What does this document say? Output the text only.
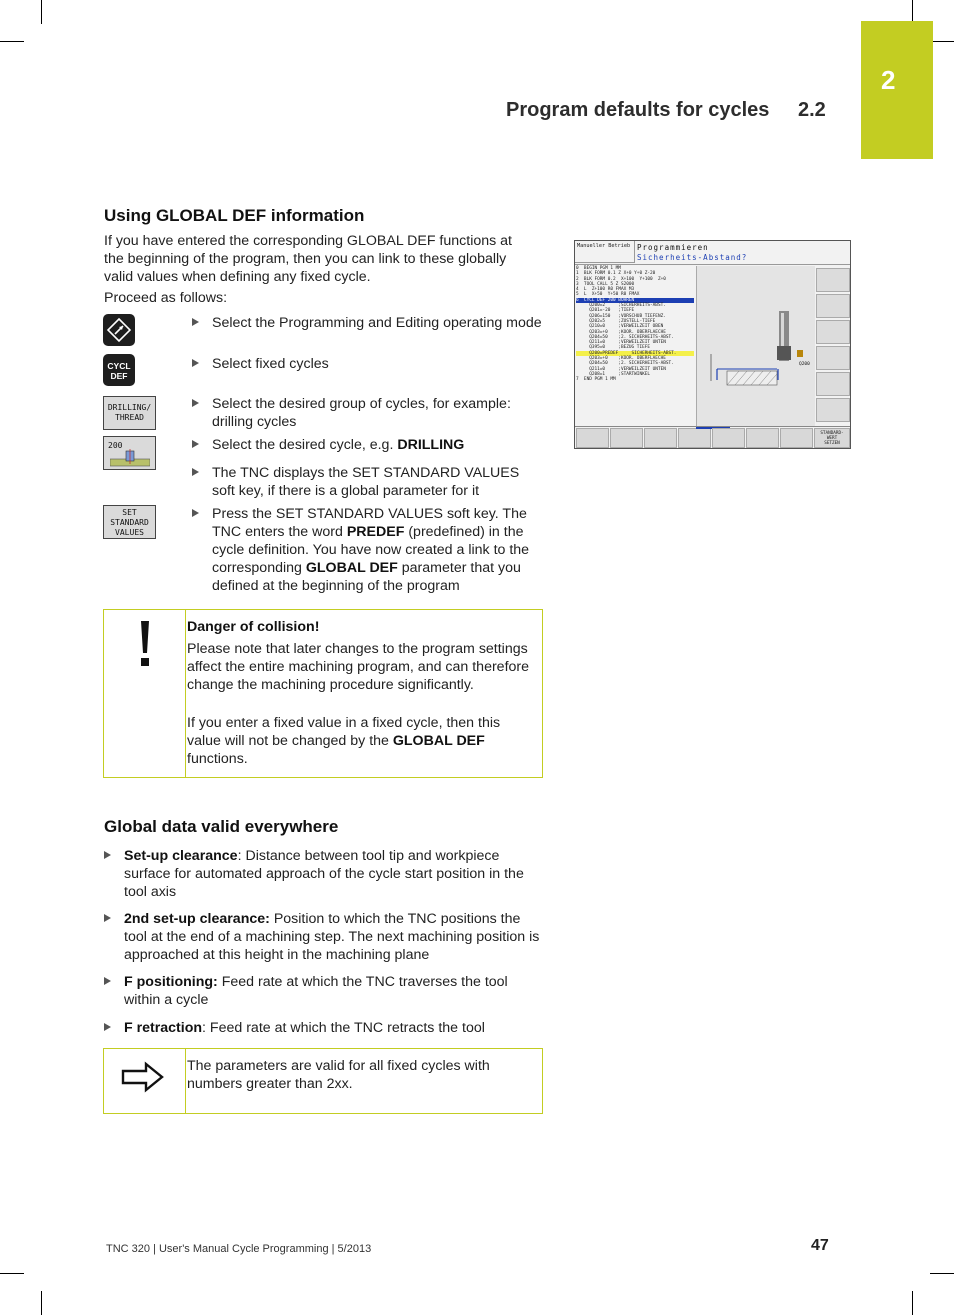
2
Program defaults for cycles 2.2
Using GLOBAL DEF information

If you have entered the corresponding GLOBAL DEF functions at the beginning of the program, then you can link to these globally valid values when defining any fixed cycle.

Proceed as follows:

CYCL
DEF
DRILLING/
THREAD
200
SET
STANDARD
VALUES
Select the Programming and Editing operating mode
Select fixed cycles
Select the desired group of cycles, for example: drilling cycles
Select the desired cycle, e.g. DRILLING
The TNC displays the SET STANDARD VALUES soft key, if there is a global parameter for it
Press the SET STANDARD VALUES soft key. The TNC enters the word PREDEF (predefined) in the cycle definition. You have now created a link to the corresponding GLOBAL DEF parameter that you defined at the beginning of the program
Manueller Betrieb Programmieren
Sicherheits-Abstand?
0  BEGIN PGM 1 MM
1  BLK FORM 0.1 Z X+0 Y+0 Z-20
2  BLK FORM 0.2  X+100  Y+100  Z+0
3  TOOL CALL 5 Z S2000
4  L  Z+100 R0 FMAX M3
5  L  X+50  Y+50 R0 FMAX
6  CYCL DEF 200 BOHREN
Q200=2     ;SICHERHEITS-ABST.
Q201=-20   ;TIEFE
Q206=150   ;VORSCHUB TIEFENZ.
Q202=5     ;ZUSTELL-TIEFE
Q210=0     ;VERWEILZEIT OBEN
Q203=+0    ;KOOR. OBERFLAECHE
Q204=50    ;2. SICHERHEITS-ABST.
Q211=0     ;VERWEILZEIT UNTEN
Q395=0     ;BEZUG TIEFE
Q200=PREDEF     SICHERHEITS-ABST.
Q203=+0    ;KOOR. OBERFLAECHE
Q204=50    ;2. SICHERHEITS-ABST.
Q211=0     ;VERWEILZEIT UNTEN
Q208=1     ;STARTWINKEL
7  END PGM 1 MM
Q200
STANDARD-
WERT
SETZEN
Danger of collision!
Please note that later changes to the program settings affect the entire machining program, and can therefore change the machining procedure significantly.
If you enter a fixed value in a fixed cycle, then this value will not be changed by the GLOBAL DEF functions.
Global data valid everywhere
Set-up clearance: Distance between tool tip and workpiece surface for automated approach of the cycle start position in the tool axis
2nd set-up clearance: Position to which the TNC positions the tool at the end of a machining step. The next machining position is approached at this height in the machining plane
F positioning: Feed rate at which the TNC traverses the tool within a cycle
F retraction: Feed rate at which the TNC retracts the tool
The parameters are valid for all fixed cycles with numbers greater than 2xx.
TNC 320 | User's Manual Cycle Programming | 5/2013	47
